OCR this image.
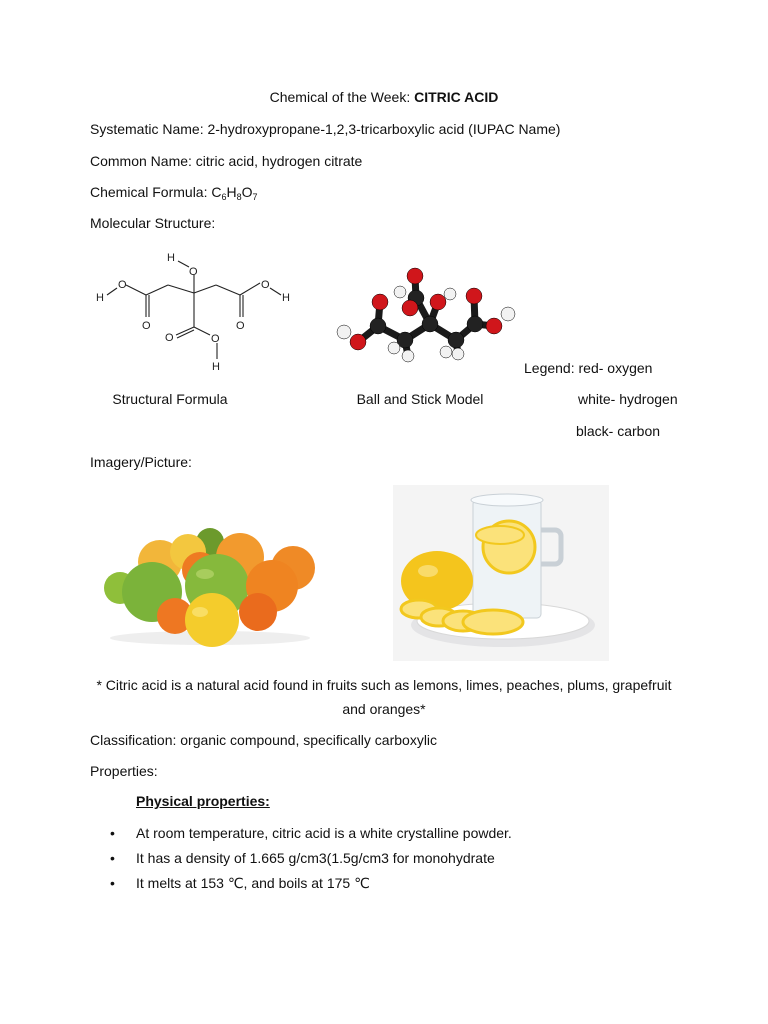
Chemical of the Week: CITRIC ACID
Systematic Name: 2-hydroxypropane-1,2,3-tricarboxylic acid (IUPAC Name)
Common Name: citric acid, hydrogen citrate
Chemical Formula: $C_6H_8O_7$
Molecular Structure:
H
O
O
H
O
O
H
O
O	O
H	Legend: red- oxygen
Structural Formula	Ball and Stick Model	white- hydrogen
black- carbon
Imagery/Picture:
* Citric acid is a natural acid found in fruits such as lemons, limes, peaches, plums, grapefruit
and oranges*
Classification: organic compound, specifically carboxylic
Properties:
Physical properties:
• At room temperature, citric acid is a white crystalline powder.
• It has a density of 1.665 g/cm3(1.5g/cm3 for monohydrate
• It melts at 153 ℃, and boils at 175 ℃
